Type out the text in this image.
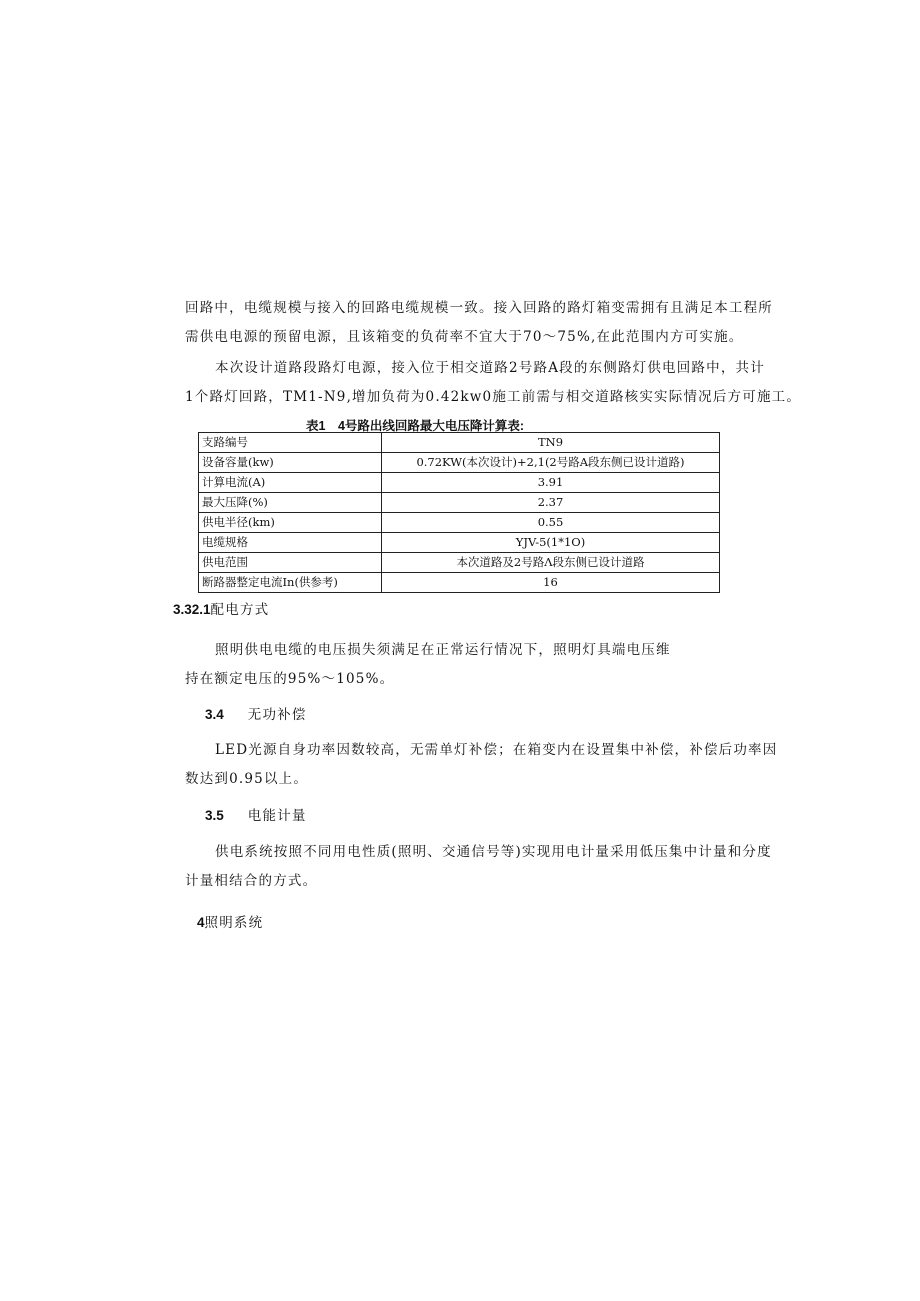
回路中，电缆规模与接入的回路电缆规模一致。接入回路的路灯箱变需拥有且满足本工程所
需供电电源的预留电源，且该箱变的负荷率不宜大于70～75%,在此范围内方可实施。
本次设计道路段路灯电源，接入位于相交道路2号路A段的东侧路灯供电回路中，共计
1个路灯回路，TM1-N9,增加负荷为0.42kw0施工前需与相交道路核实实际情况后方可施工。
表1　4号路出线回路最大电压降计算表:
支路编号	TN9
设备容量(kw)	0.72KW(本次设计)+2,1(2号路A段东侧已设计道路)
计算电流(A)	3.91
最大压降(%)	2.37
供电半径(km)	0.55
电缆规格	YJV-5(1*1O)
供电范围	本次道路及2号路Λ段东侧已设计道路
断路器整定电流In(供参考)	16
3.32.1配电方式
照明供电电缆的电压损失须满足在正常运行情况下，照明灯具端电压维
持在额定电压的95%～105%。
3.4 无功补偿
LED光源自身功率因数较高，无需单灯补偿；在箱变内在设置集中补偿，补偿后功率因
数达到0.95以上。
3.5 电能计量
供电系统按照不同用电性质(照明、交通信号等)实现用电计量采用低压集中计量和分度
计量相结合的方式。
4照明系统
